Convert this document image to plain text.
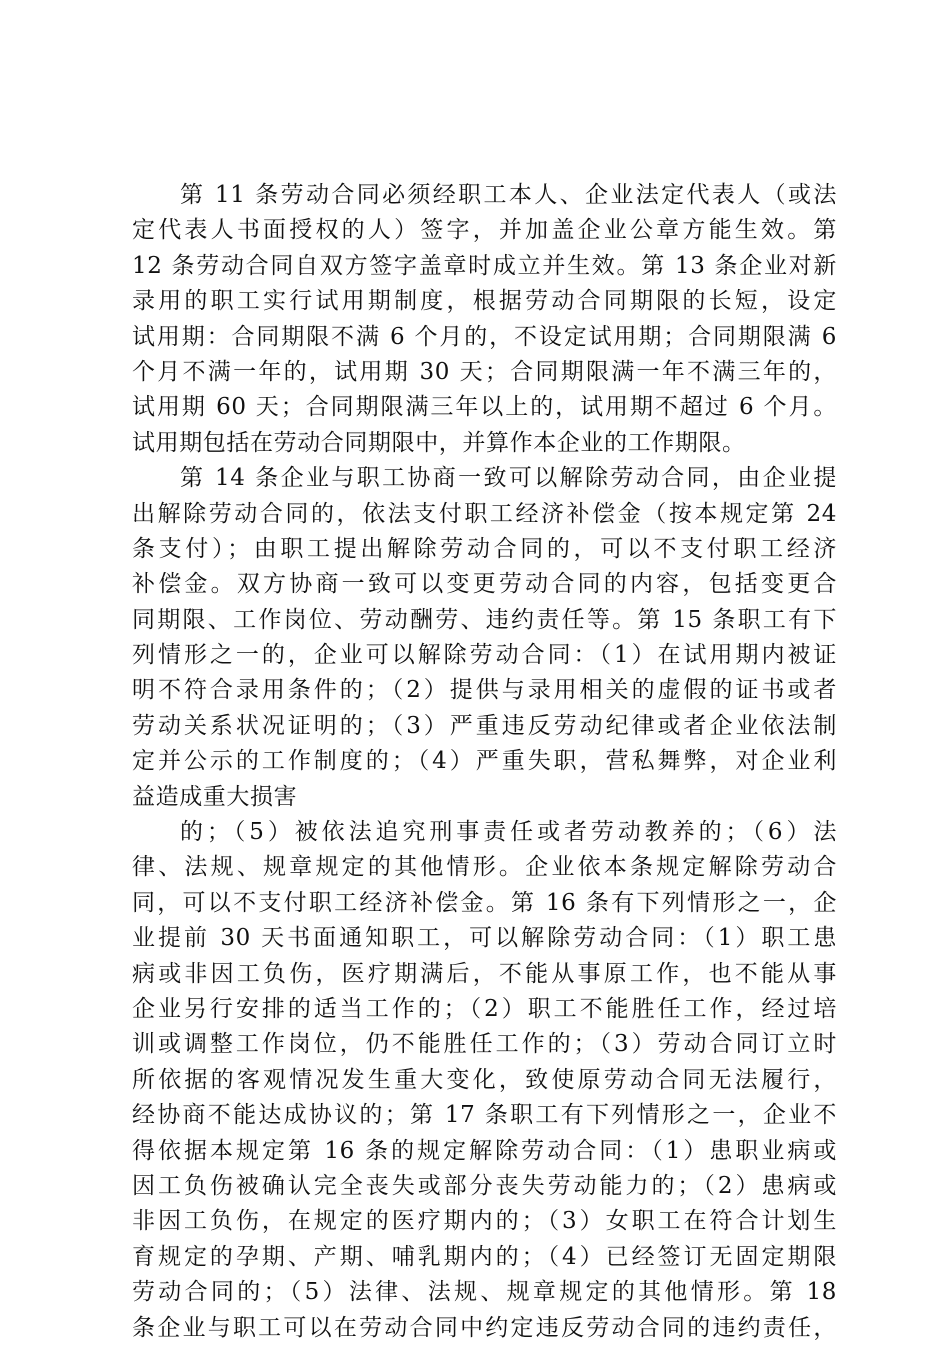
第 11 条劳动合同必须经职工本人、企业法定代表人（或法
定代表人书面授权的人）签字，并加盖企业公章方能生效。第
12 条劳动合同自双方签字盖章时成立并生效。第 13 条企业对新
录用的职工实行试用期制度，根据劳动合同期限的长短，设定
试用期：合同期限不满 6 个月的，不设定试用期；合同期限满 6
个月不满一年的，试用期 30 天；合同期限满一年不满三年的，
试用期 60 天；合同期限满三年以上的，试用期不超过 6 个月。
试用期包括在劳动合同期限中，并算作本企业的工作期限。
第 14 条企业与职工协商一致可以解除劳动合同，由企业提
出解除劳动合同的，依法支付职工经济补偿金（按本规定第 24
条支付）；由职工提出解除劳动合同的，可以不支付职工经济
补偿金。双方协商一致可以变更劳动合同的内容，包括变更合
同期限、工作岗位、劳动酬劳、违约责任等。第 15 条职工有下
列情形之一的，企业可以解除劳动合同：（1）在试用期内被证
明不符合录用条件的；（2）提供与录用相关的虚假的证书或者
劳动关系状况证明的；（3）严重违反劳动纪律或者企业依法制
定并公示的工作制度的；（4）严重失职，营私舞弊，对企业利
益造成重大损害
的；（5）被依法追究刑事责任或者劳动教养的；（6）法
律、法规、规章规定的其他情形。企业依本条规定解除劳动合
同，可以不支付职工经济补偿金。第 16 条有下列情形之一，企
业提前 30 天书面通知职工，可以解除劳动合同：（1）职工患
病或非因工负伤，医疗期满后，不能从事原工作，也不能从事
企业另行安排的适当工作的；（2）职工不能胜任工作，经过培
训或调整工作岗位，仍不能胜任工作的；（3）劳动合同订立时
所依据的客观情况发生重大变化，致使原劳动合同无法履行，
经协商不能达成协议的；第 17 条职工有下列情形之一，企业不
得依据本规定第 16 条的规定解除劳动合同：（1）患职业病或
因工负伤被确认完全丧失或部分丧失劳动能力的；（2）患病或
非因工负伤，在规定的医疗期内的；（3）女职工在符合计划生
育规定的孕期、产期、哺乳期内的；（4）已经签订无固定期限
劳动合同的；（5）法律、法规、规章规定的其他情形。第 18
条企业与职工可以在劳动合同中约定违反劳动合同的违约责任，
